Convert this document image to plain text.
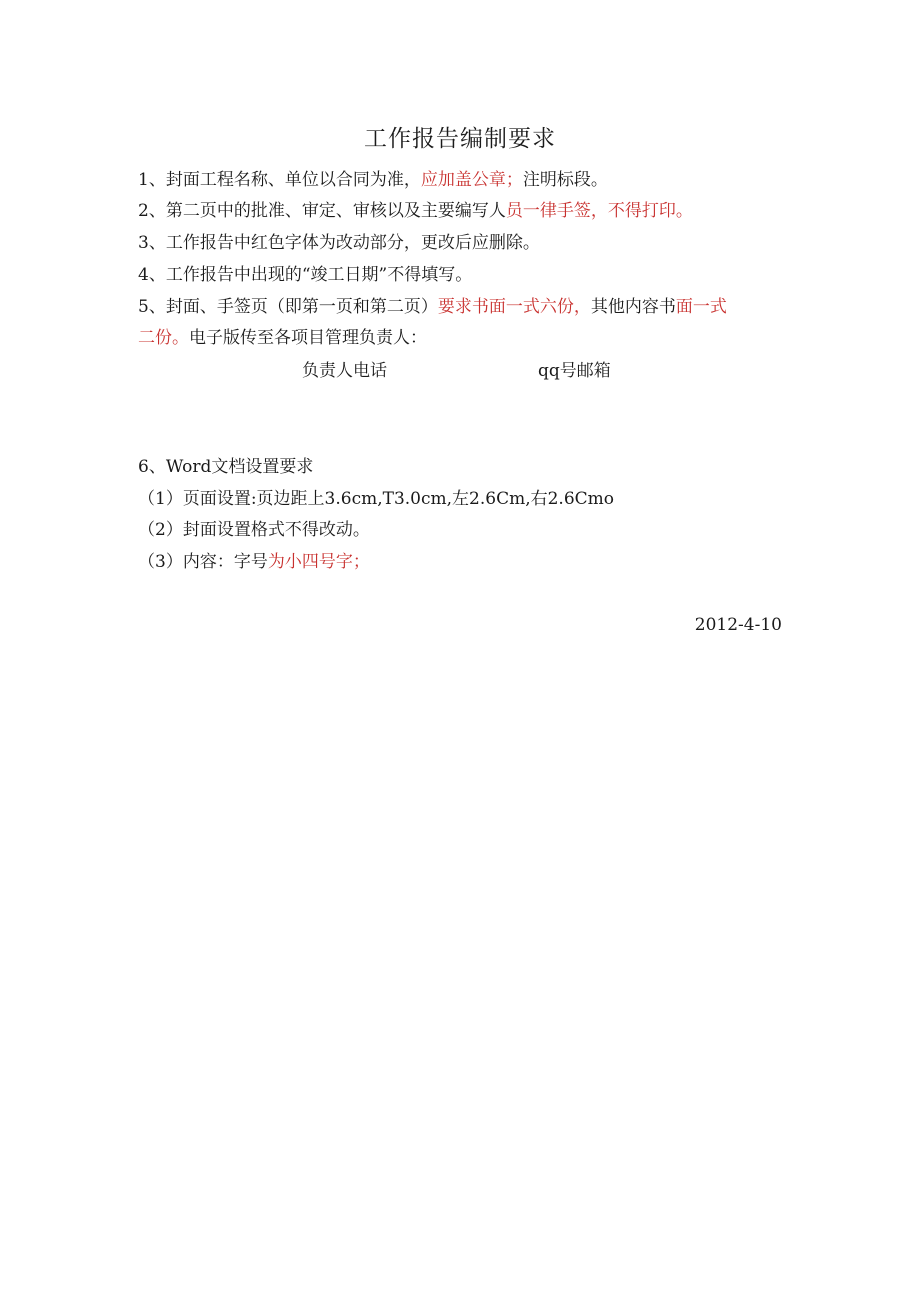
工作报告编制要求
1、封面工程名称、单位以合同为准，应加盖公章；注明标段。
2、第二页中的批准、审定、审核以及主要编写人员一律手签，不得打印。
3、工作报告中红色字体为改动部分，更改后应删除。
4、工作报告中出现的“竣工日期”不得填写。
5、封面、手签页（即第一页和第二页）要求书面一式六份，其他内容书面一式
二份。电子版传至各项目管理负责人：
负责人电话	qq号邮箱
6、Word文档设置要求
（1）页面设置:页边距上3.6cm,T3.0cm,左2.6Cm,右2.6Cmo
（2）封面设置格式不得改动。
（3）内容：字号为小四号字；
2012-4-10
